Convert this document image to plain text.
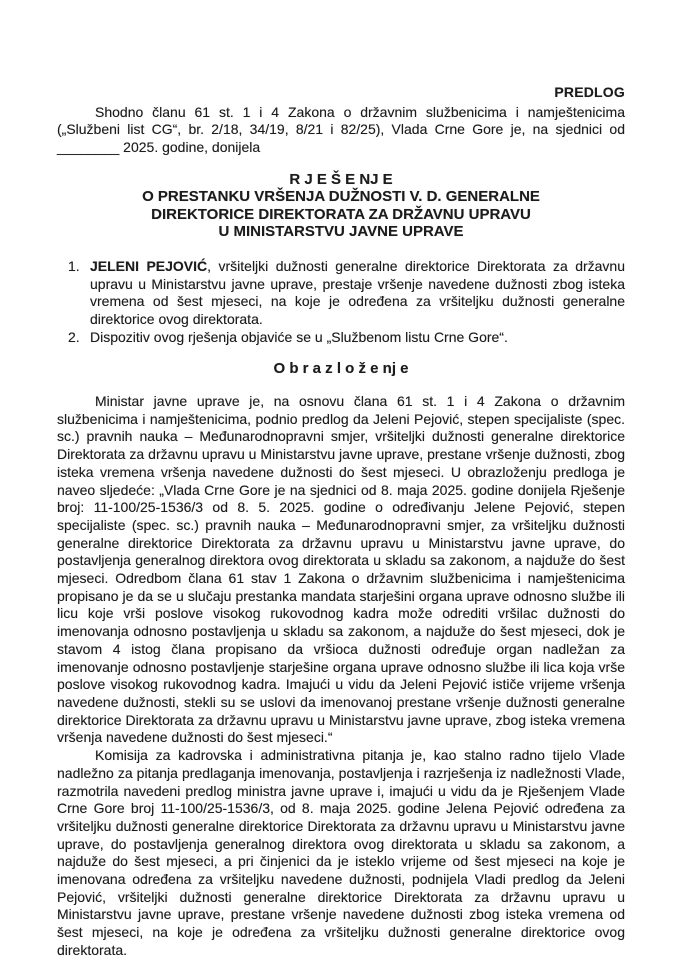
PREDLOG

Shodno članu 61 st. 1 i 4 Zakona o državnim službenicima i namještenicima („Službeni list CG“, br. 2/18, 34/19, 8/21 i 82/25), Vlada Crne Gore je, na sjednici od ________ 2025. godine, donijela

R J E Š E NJ E
O PRESTANKU VRŠENJA DUŽNOSTI V. D. GENERALNE
DIREKTORICE DIREKTORATA ZA DRŽAVNU UPRAVU
U MINISTARSTVU JAVNE UPRAVE
1. JELENI PEJOVIĆ, vršiteljki dužnosti generalne direktorice Direktorata za državnu upravu u Ministarstvu javne uprave, prestaje vršenje navedene dužnosti zbog isteka vremena od šest mjeseci, na koje je određena za vršiteljku dužnosti generalne direktorice ovog direktorata.
2. Dispozitiv ovog rješenja objaviće se u „Službenom listu Crne Gore“.
O b r a z l o ž e nj e

Ministar javne uprave je, na osnovu člana 61 st. 1 i 4 Zakona o državnim službenicima i namještenicima, podnio predlog da Jeleni Pejović, stepen specijaliste (spec. sc.) pravnih nauka – Međunarodnopravni smjer, vršiteljki dužnosti generalne direktorice Direktorata za državnu upravu u Ministarstvu javne uprave, prestane vršenje dužnosti, zbog isteka vremena vršenja navedene dužnosti do šest mjeseci. U obrazloženju predloga je naveo sljedeće: „Vlada Crne Gore je na sjednici od 8. maja 2025. godine donijela Rješenje broj: 11-100/25-1536/3 od 8. 5. 2025. godine o određivanju Jelene Pejović, stepen specijaliste (spec. sc.) pravnih nauka – Međunarodnopravni smjer, za vršiteljku dužnosti generalne direktorice Direktorata za državnu upravu u Ministarstvu javne uprave, do postavljenja generalnog direktora ovog direktorata u skladu sa zakonom, a najduže do šest mjeseci. Odredbom člana 61 stav 1 Zakona o državnim službenicima i namještenicima propisano je da se u slučaju prestanka mandata starješini organa uprave odnosno službe ili licu koje vrši poslove visokog rukovodnog kadra može odrediti vršilac dužnosti do imenovanja odnosno postavljenja u skladu sa zakonom, a najduže do šest mjeseci, dok je stavom 4 istog člana propisano da vršioca dužnosti određuje organ nadležan za imenovanje odnosno postavljenje starješine organa uprave odnosno službe ili lica koja vrše poslove visokog rukovodnog kadra. Imajući u vidu da Jeleni Pejović ističe vrijeme vršenja navedene dužnosti, stekli su se uslovi da imenovanoj prestane vršenje dužnosti generalne direktorice Direktorata za državnu upravu u Ministarstvu javne uprave, zbog isteka vremena vršenja navedene dužnosti do šest mjeseci.“

Komisija za kadrovska i administrativna pitanja je, kao stalno radno tijelo Vlade nadležno za pitanja predlaganja imenovanja, postavljenja i razrješenja iz nadležnosti Vlade, razmotrila navedeni predlog ministra javne uprave i, imajući u vidu da je Rješenjem Vlade Crne Gore broj 11-100/25-1536/3, od 8. maja 2025. godine Jelena Pejović određena za vršiteljku dužnosti generalne direktorice Direktorata za državnu upravu u Ministarstvu javne uprave, do postavljenja generalnog direktora ovog direktorata u skladu sa zakonom, a najduže do šest mjeseci, a pri činjenici da je isteklo vrijeme od šest mjeseci na koje je imenovana određena za vršiteljku navedene dužnosti, podnijela Vladi predlog da Jeleni Pejović, vršiteljki dužnosti generalne direktorice Direktorata za državnu upravu u Ministarstvu javne uprave, prestane vršenje navedene dužnosti zbog isteka vremena od šest mjeseci, na koje je određena za vršiteljku dužnosti generalne direktorice ovog direktorata.
